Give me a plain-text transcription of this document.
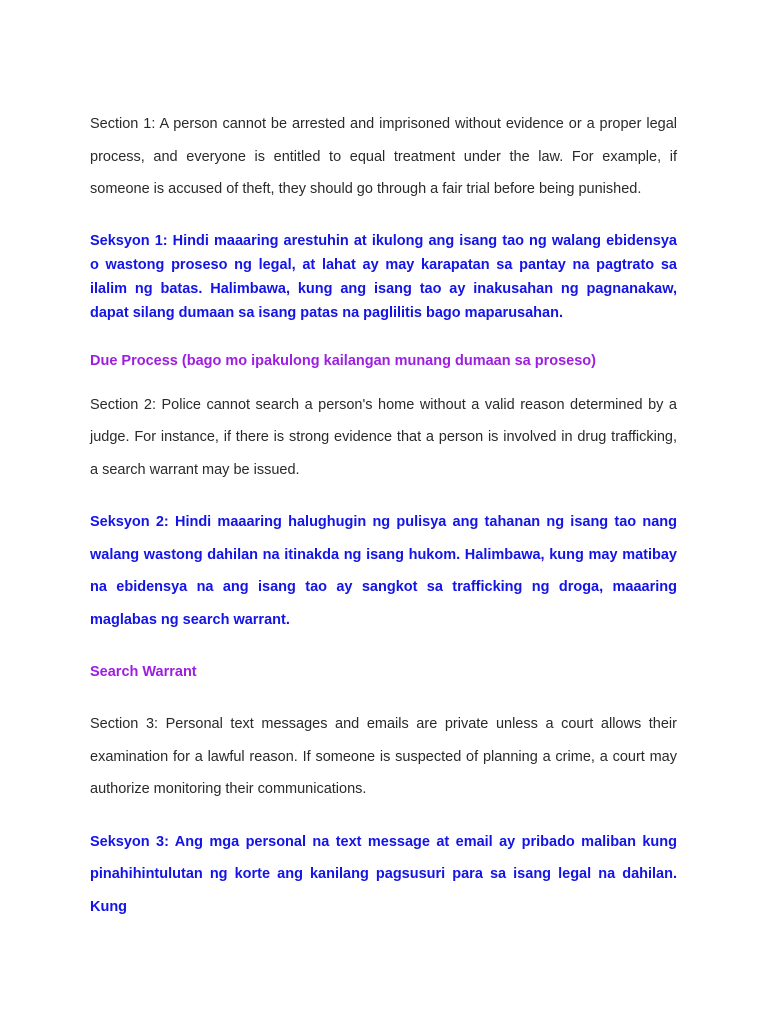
Section 1: A person cannot be arrested and imprisoned without evidence or a proper legal process, and everyone is entitled to equal treatment under the law. For example, if someone is accused of theft, they should go through a fair trial before being punished.

Seksyon 1: Hindi maaaring arestuhin at ikulong ang isang tao ng walang ebidensya o wastong proseso ng legal, at lahat ay may karapatan sa pantay na pagtrato sa ilalim ng batas. Halimbawa, kung ang isang tao ay inakusahan ng pagnanakaw, dapat silang dumaan sa isang patas na paglilitis bago maparusahan.

Due Process (bago mo ipakulong kailangan munang dumaan sa proseso)

Section 2: Police cannot search a person's home without a valid reason determined by a judge. For instance, if there is strong evidence that a person is involved in drug trafficking, a search warrant may be issued.

Seksyon 2: Hindi maaaring halughugin ng pulisya ang tahanan ng isang tao nang walang wastong dahilan na itinakda ng isang hukom. Halimbawa, kung may matibay na ebidensya na ang isang tao ay sangkot sa trafficking ng droga, maaaring maglabas ng search warrant.

Search Warrant

Section 3: Personal text messages and emails are private unless a court allows their examination for a lawful reason. If someone is suspected of planning a crime, a court may authorize monitoring their communications.

Seksyon 3: Ang mga personal na text message at email ay pribado maliban kung pinahihintulutan ng korte ang kanilang pagsusuri para sa isang legal na dahilan. Kung
